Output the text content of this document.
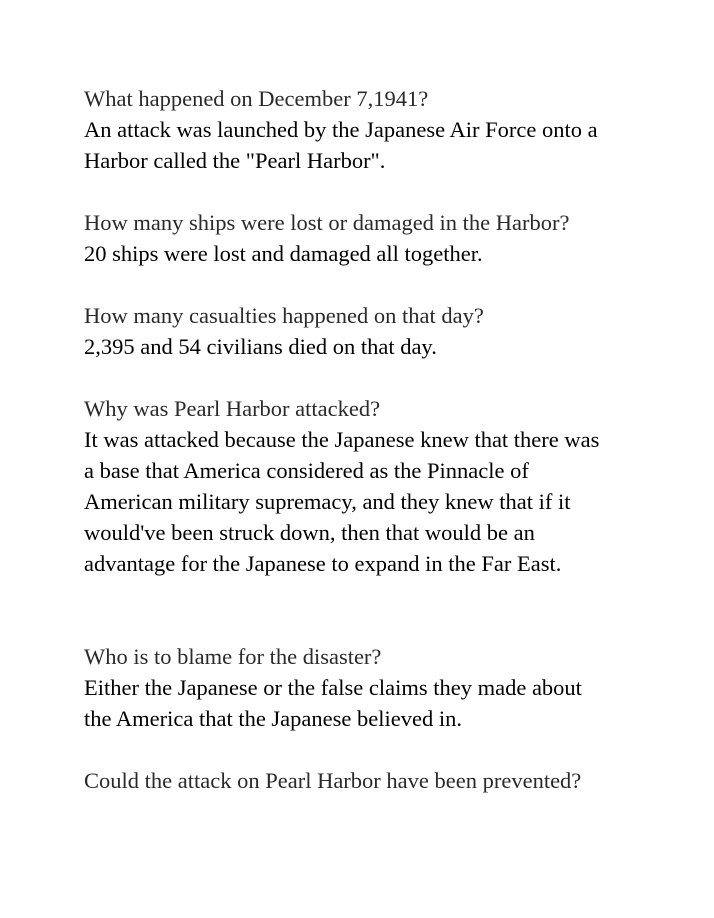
What happened on December 7,1941?
An attack was launched by the Japanese Air Force onto a
Harbor called the "Pearl Harbor".
How many ships were lost or damaged in the Harbor?
20 ships were lost and damaged all together.
How many casualties happened on that day?
2,395 and 54 civilians died on that day.
Why was Pearl Harbor attacked?
It was attacked because the Japanese knew that there was
a base that America considered as the Pinnacle of
American military supremacy, and they knew that if it
would've been struck down, then that would be an
advantage for the Japanese to expand in the Far East.
Who is to blame for the disaster?
Either the Japanese or the false claims they made about
the America that the Japanese believed in.
Could the attack on Pearl Harbor have been prevented?
